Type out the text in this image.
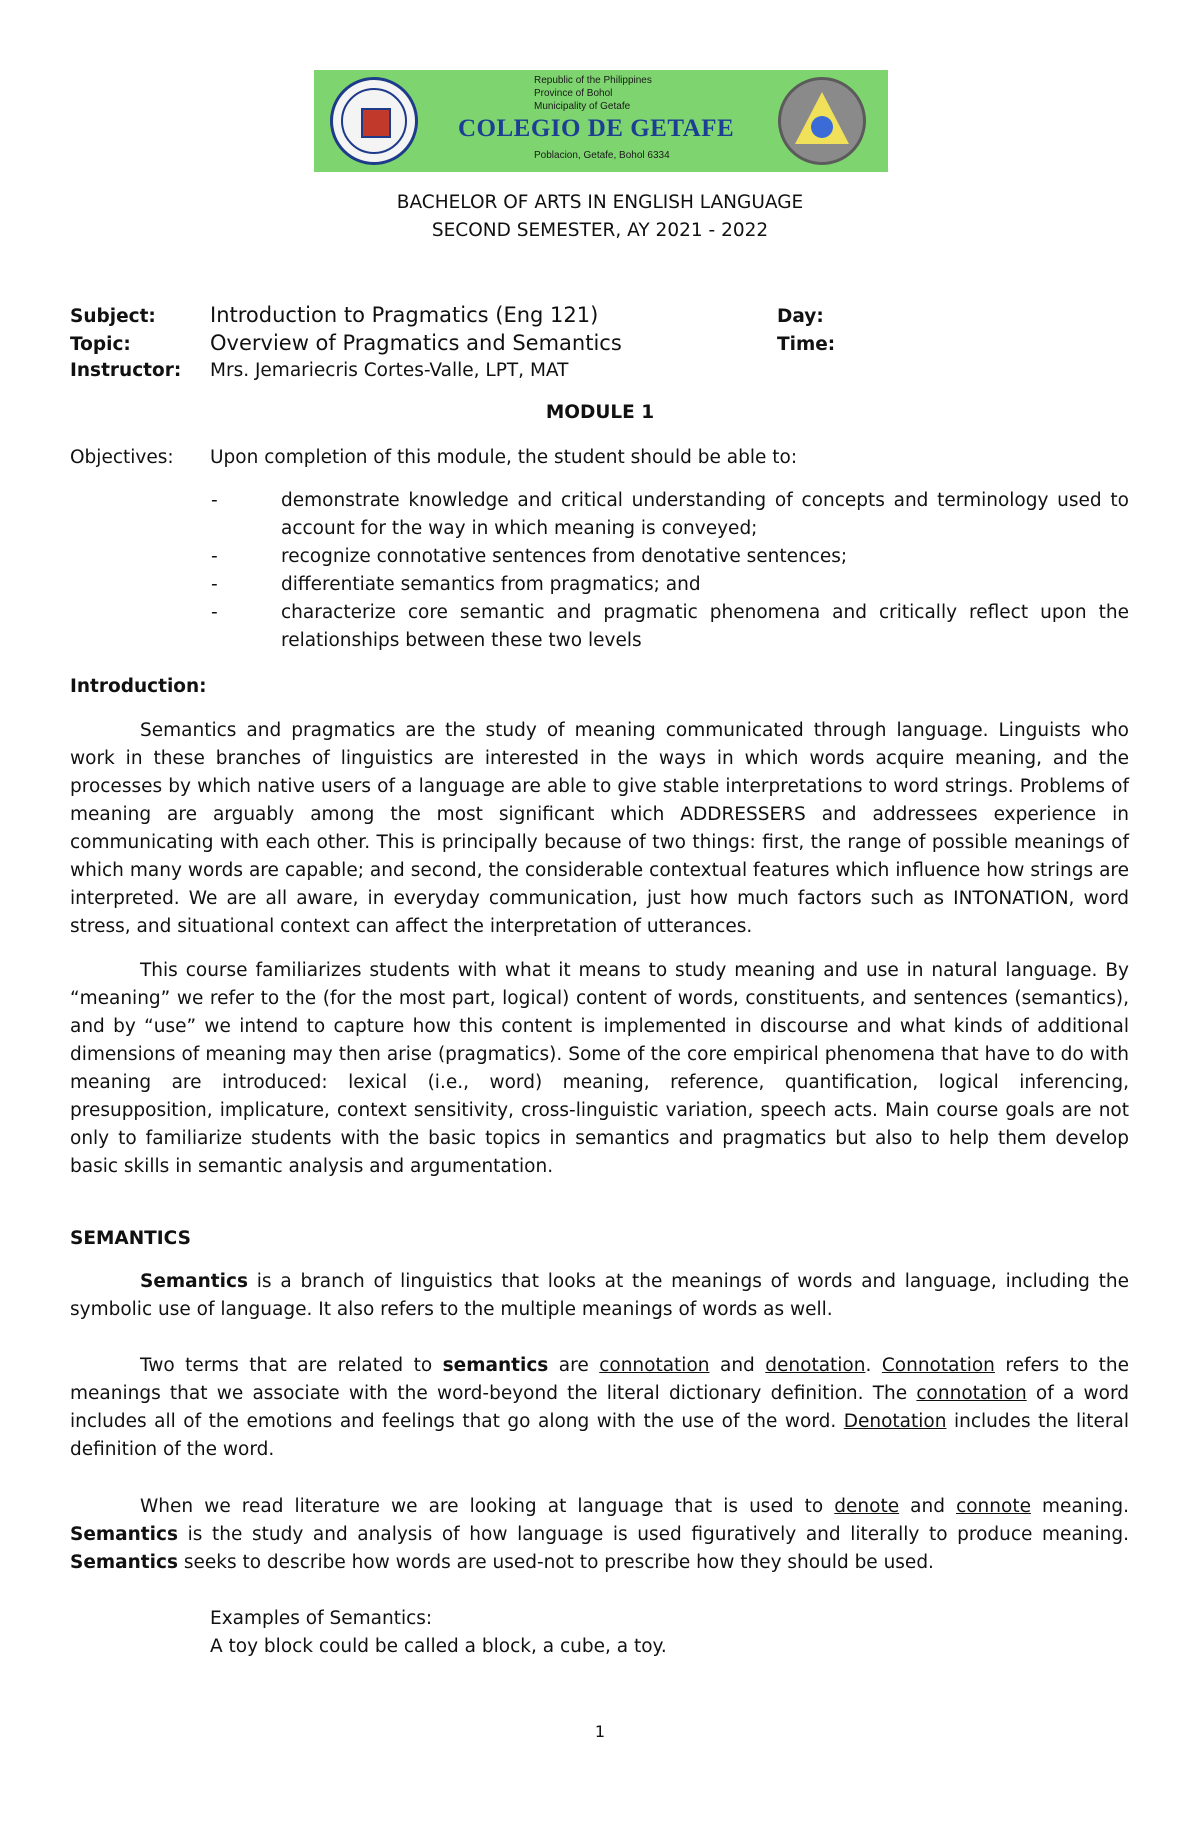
Republic of the Philippines
Province of Bohol
Municipality of Getafe
COLEGIO DE GETAFE
Poblacion, Getafe, Bohol 6334
BACHELOR OF ARTS IN ENGLISH LANGUAGE
SECOND SEMESTER, AY 2021 - 2022
Subject:	Introduction to Pragmatics (Eng 121)	Day:
Topic:	Overview of Pragmatics and Semantics	Time:
Instructor: Mrs. Jemariecris Cortes-Valle, LPT, MAT
MODULE 1
Objectives: Upon completion of this module, the student should be able to:
-	demonstrate knowledge and critical understanding of concepts and terminology used to account for the way in which meaning is conveyed;
-	recognize connotative sentences from denotative sentences;
-	differentiate semantics from pragmatics; and
-	characterize core semantic and pragmatic phenomena and critically reflect upon the relationships between these two levels
Introduction:
Semantics and pragmatics are the study of meaning communicated through language. Linguists who work in these branches of linguistics are interested in the ways in which words acquire meaning, and the processes by which native users of a language are able to give stable interpretations to word strings. Problems of meaning are arguably among the most significant which ADDRESSERS and addressees experience in communicating with each other. This is principally because of two things: first, the range of possible meanings of which many words are capable; and second, the considerable contextual features which influence how strings are interpreted. We are all aware, in everyday communication, just how much factors such as INTONATION, word stress, and situational context can affect the interpretation of utterances.
This course familiarizes students with what it means to study meaning and use in natural language. By “meaning” we refer to the (for the most part, logical) content of words, constituents, and sentences (semantics), and by “use” we intend to capture how this content is implemented in discourse and what kinds of additional dimensions of meaning may then arise (pragmatics). Some of the core empirical phenomena that have to do with meaning are introduced: lexical (i.e., word) meaning, reference, quantification, logical inferencing, presupposition, implicature, context sensitivity, cross-linguistic variation, speech acts. Main course goals are not only to familiarize students with the basic topics in semantics and pragmatics but also to help them develop basic skills in semantic analysis and argumentation.
SEMANTICS
Semantics is a branch of linguistics that looks at the meanings of words and language, including the symbolic use of language. It also refers to the multiple meanings of words as well.
Two terms that are related to semantics are connotation and denotation. Connotation refers to the meanings that we associate with the word-beyond the literal dictionary definition. The connotation of a word includes all of the emotions and feelings that go along with the use of the word. Denotation includes the literal definition of the word.
When we read literature we are looking at language that is used to denote and connote meaning. Semantics is the study and analysis of how language is used figuratively and literally to produce meaning. Semantics seeks to describe how words are used-not to prescribe how they should be used.
Examples of Semantics:
A toy block could be called a block, a cube, a toy.
1
